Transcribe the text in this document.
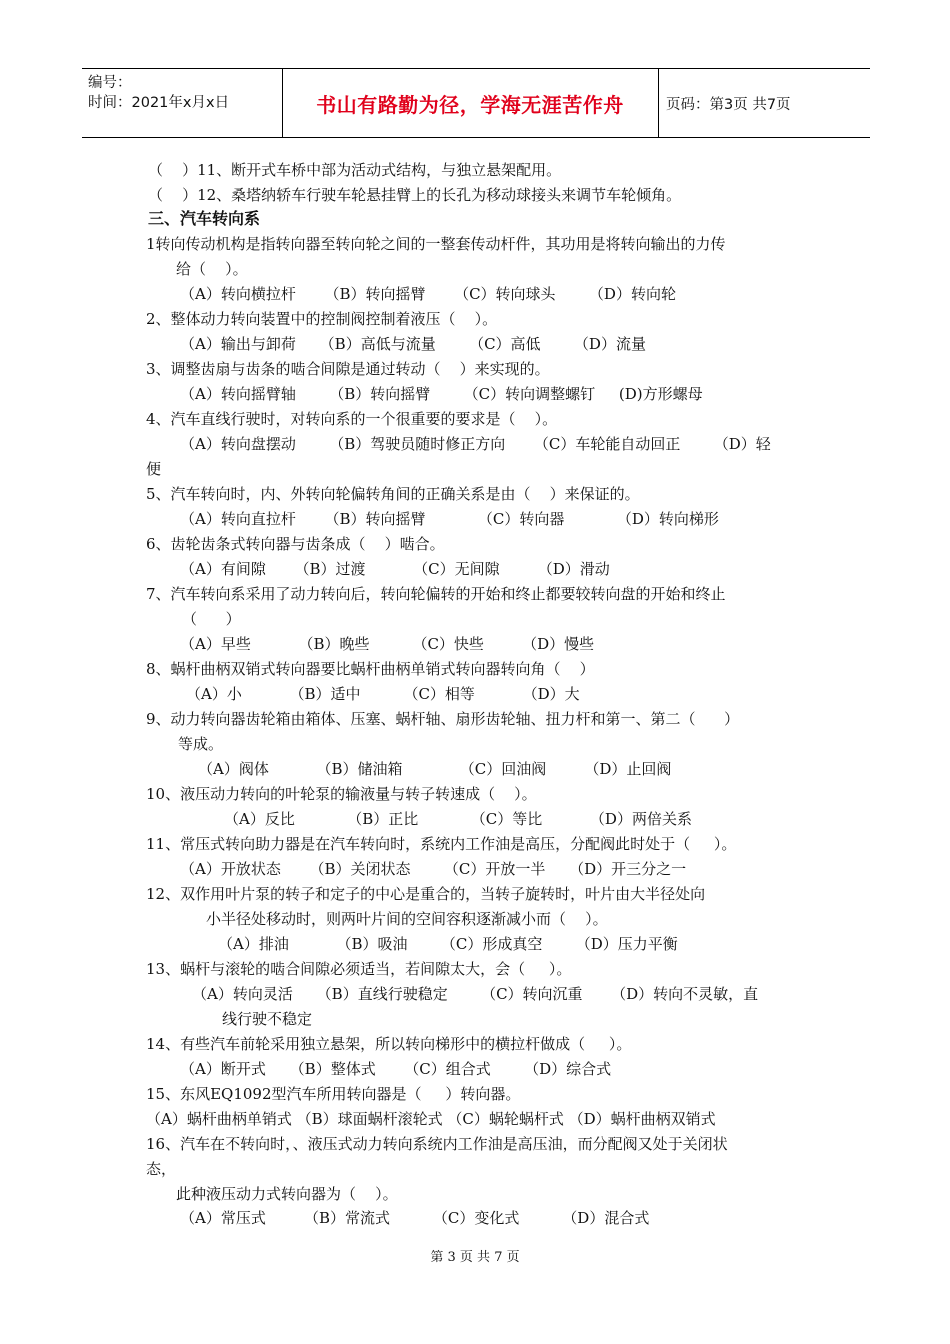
编号：
时间：2021年x月x日	书山有路勤为径，学海无涯苦作舟	页码：第3页 共7页
（    ）11、断开式车桥中部为活动式结构，与独立悬架配用。
（    ）12、桑塔纳轿车行驶车轮悬挂臂上的长孔为移动球接头来调节车轮倾角。
三、汽车转向系
1转向传动机构是指转向器至转向轮之间的一整套传动杆件，其功用是将转向输出的力传
给（    ）。
（A）转向横拉杆      （B）转向摇臂      （C）转向球头       （D）转向轮
2、整体动力转向装置中的控制阀控制着液压（    ）。
（A）输出与卸荷     （B）高低与流量       （C）高低       （D）流量
3、调整齿扇与齿条的啮合间隙是通过转动（    ）来实现的。
（A）转向摇臂轴       （B）转向摇臂       （C）转向调整螺钉     (D)方形螺母
4、汽车直线行驶时，对转向系的一个很重要的要求是（    ）。
（A）转向盘摆动       （B）驾驶员随时修正方向      （C）车轮能自动回正       （D）轻
便
5、汽车转向时，内、外转向轮偏转角间的正确关系是由（    ）来保证的。
（A）转向直拉杆      （B）转向摇臂           （C）转向器           （D）转向梯形
6、齿轮齿条式转向器与齿条成（    ）啮合。
（A）有间隙      （B）过渡          （C）无间隙        （D）滑动
7、汽车转向系采用了动力转向后，转向轮偏转的开始和终止都要较转向盘的开始和终止
（      ）
（A）早些          （B）晚些         （C）快些        （D）慢些
8、蜗杆曲柄双销式转向器要比蜗杆曲柄单销式转向器转向角（    ）
（A）小          （B）适中         （C）相等          （D）大
9、动力转向器齿轮箱由箱体、压塞、蜗杆轴、扇形齿轮轴、扭力杆和第一、第二（      ）
等成。
（A）阀体          （B）储油箱            （C）回油阀        （D）止回阀
10、液压动力转向的叶轮泵的输液量与转子转速成（    ）。
（A）反比           （B）正比           （C）等比          （D）两倍关系
11、常压式转向助力器是在汽车转向时，系统内工作油是高压，分配阀此时处于（     ）。
（A）开放状态      （B）关闭状态       （C）开放一半     （D）开三分之一
12、双作用叶片泵的转子和定子的中心是重合的，当转子旋转时，叶片由大半径处向
小半径处移动时，则两叶片间的空间容积逐渐减小而（    ）。
（A）排油          （B）吸油       （C）形成真空       （D）压力平衡
13、蜗杆与滚轮的啮合间隙必须适当，若间隙太大，会（     ）。
（A）转向灵活     （B）直线行驶稳定       （C）转向沉重      （D）转向不灵敏，直
线行驶不稳定
14、有些汽车前轮采用独立悬架，所以转向梯形中的横拉杆做成（     ）。
（A）断开式     （B）整体式      （C）组合式       （D）综合式
15、东风EQ1092型汽车所用转向器是（     ）转向器。
（A）蜗杆曲柄单销式 （B）球面蜗杆滚轮式 （C）蜗轮蜗杆式 （D）蜗杆曲柄双销式
16、汽车在不转向时，、液压式动力转向系统内工作油是高压油，而分配阀又处于关闭状
态，
此种液压动力式转向器为（    ）。
（A）常压式        （B）常流式         （C）变化式         （D）混合式
第 3 页 共 7 页
